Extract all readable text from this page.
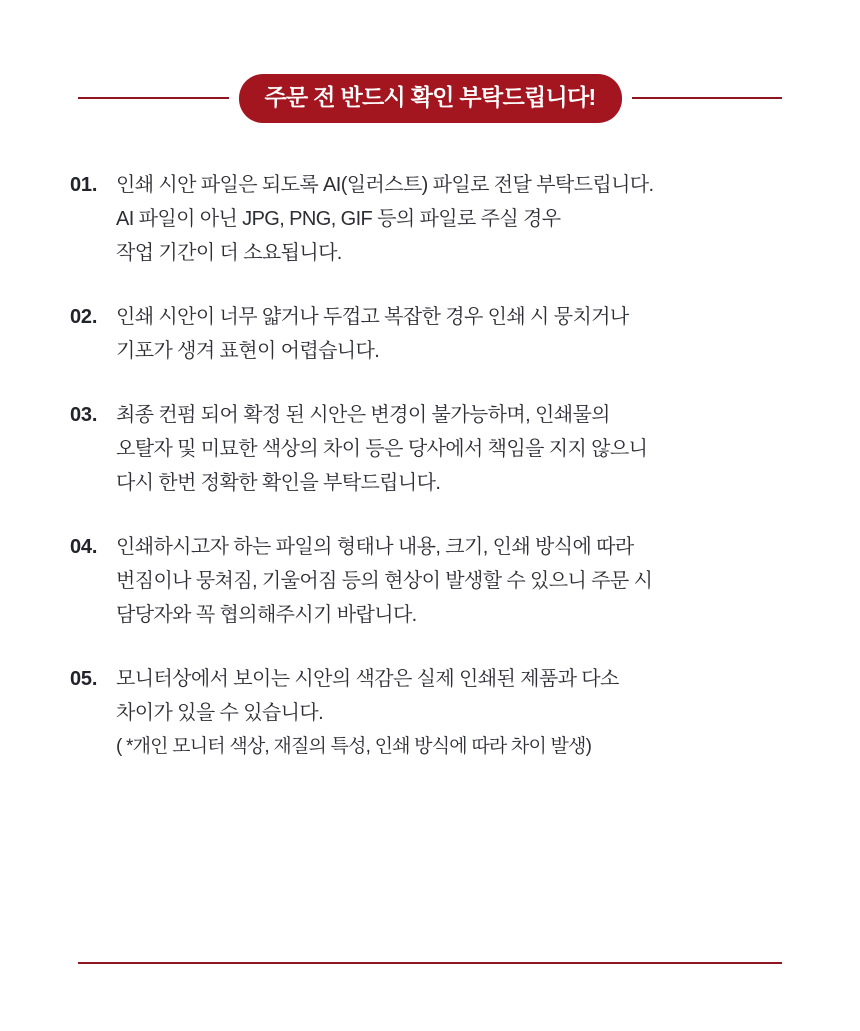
주문 전 반드시 확인 부탁드립니다!
01. 인쇄 시안 파일은 되도록 AI(일러스트) 파일로 전달 부탁드립니다.
AI 파일이 아닌 JPG, PNG, GIF 등의 파일로 주실 경우
작업 기간이 더 소요됩니다.
02. 인쇄 시안이 너무 얇거나 두껍고 복잡한 경우 인쇄 시 뭉치거나
기포가 생겨 표현이 어렵습니다.
03. 최종 컨펌 되어 확정 된 시안은 변경이 불가능하며, 인쇄물의
오탈자 및 미묘한 색상의 차이 등은 당사에서 책임을 지지 않으니
다시 한번 정확한 확인을 부탁드립니다.
04. 인쇄하시고자 하는 파일의 형태나 내용, 크기, 인쇄 방식에 따라
번짐이나 뭉쳐짐, 기울어짐 등의 현상이 발생할 수 있으니 주문 시
담당자와 꼭 협의해주시기 바랍니다.
05. 모니터상에서 보이는 시안의 색감은 실제 인쇄된 제품과 다소
차이가 있을 수 있습니다.
( *개인 모니터 색상, 재질의 특성, 인쇄 방식에 따라 차이 발생)
